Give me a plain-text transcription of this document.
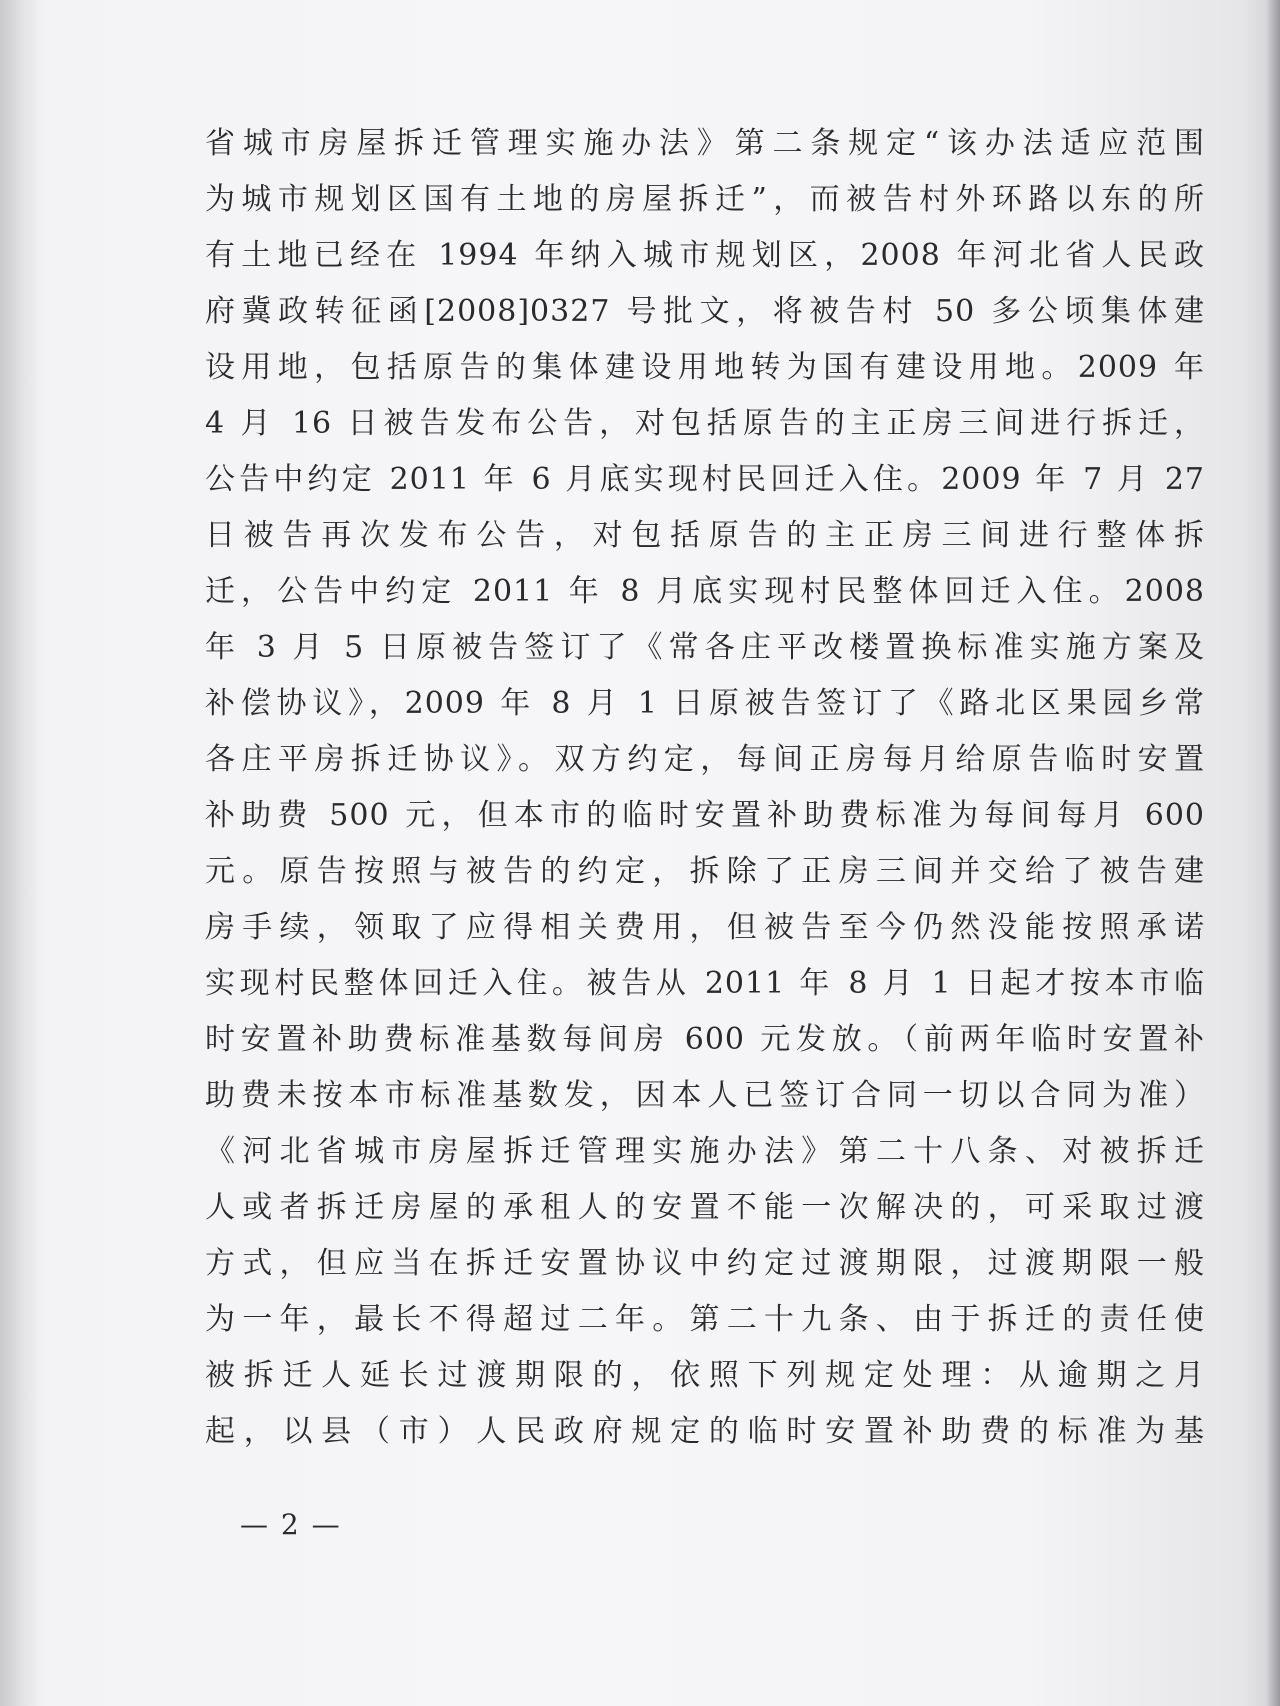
省城市房屋拆迁管理实施办法》第二条规定“该办法适应范围
为城市规划区国有土地的房屋拆迁”，而被告村外环路以东的所
有土地已经在 1994 年纳入城市规划区，2008 年河北省人民政
府冀政转征函[2008]0327 号批文，将被告村 50 多公顷集体建
设用地，包括原告的集体建设用地转为国有建设用地。2009 年
4 月 16 日被告发布公告，对包括原告的主正房三间进行拆迁，
公告中约定 2011 年 6 月底实现村民回迁入住。2009 年 7 月 27
日被告再次发布公告，对包括原告的主正房三间进行整体拆
迁，公告中约定 2011 年 8 月底实现村民整体回迁入住。2008
年 3 月 5 日原被告签订了《常各庄平改楼置换标准实施方案及
补偿协议》，2009 年 8 月 1 日原被告签订了《路北区果园乡常
各庄平房拆迁协议》。双方约定，每间正房每月给原告临时安置
补助费 500 元，但本市的临时安置补助费标准为每间每月 600
元。原告按照与被告的约定，拆除了正房三间并交给了被告建
房手续，领取了应得相关费用，但被告至今仍然没能按照承诺
实现村民整体回迁入住。被告从 2011 年 8 月 1 日起才按本市临
时安置补助费标准基数每间房 600 元发放。（前两年临时安置补
助费未按本市标准基数发，因本人已签订合同一切以合同为准）
《河北省城市房屋拆迁管理实施办法》第二十八条、对被拆迁
人或者拆迁房屋的承租人的安置不能一次解决的，可采取过渡
方式，但应当在拆迁安置协议中约定过渡期限，过渡期限一般
为一年，最长不得超过二年。第二十九条、由于拆迁的责任使
被拆迁人延长过渡期限的，依照下列规定处理：从逾期之月
起，以县（市）人民政府规定的临时安置补助费的标准为基
— 2 —
